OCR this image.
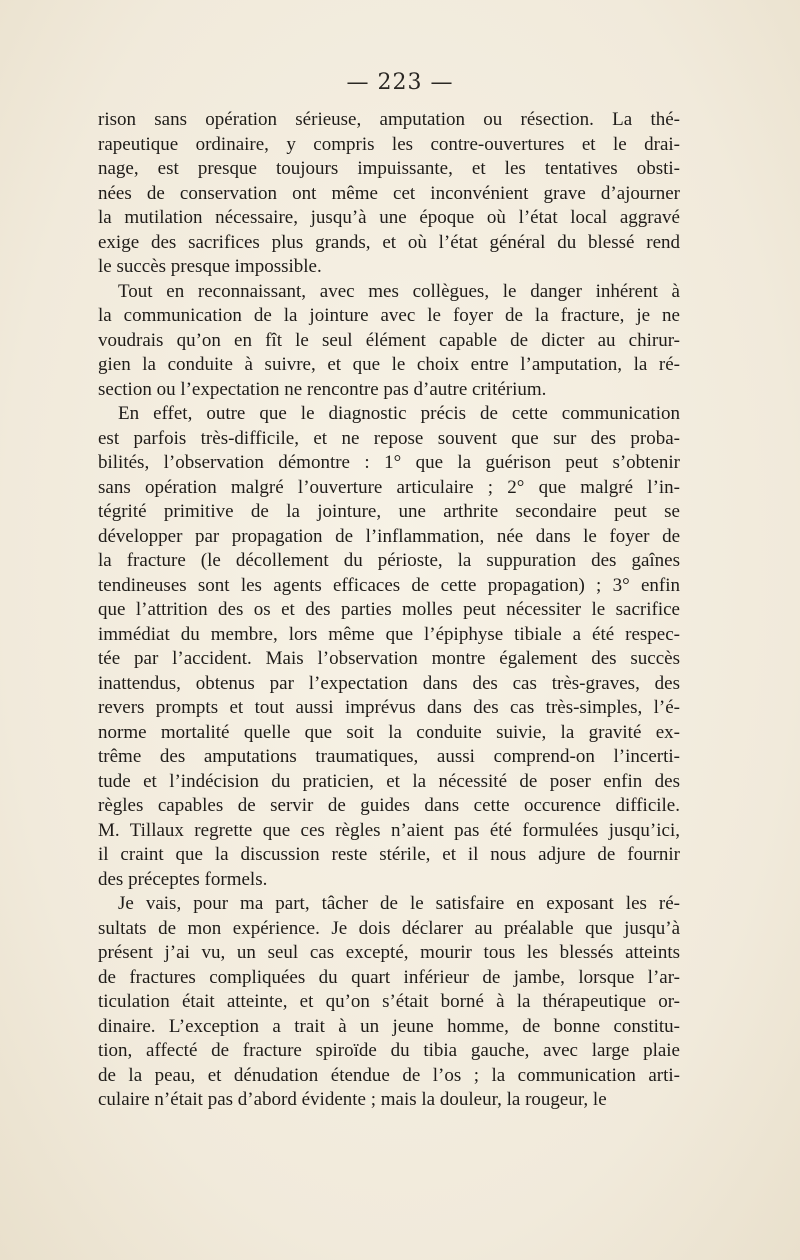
— 223 —
rison sans opération sérieuse, amputation ou résection. La thé-
rapeutique ordinaire, y compris les contre-ouvertures et le drai-
nage, est presque toujours impuissante, et les tentatives obsti-
nées de conservation ont même cet inconvénient grave d’ajourner
la mutilation nécessaire, jusqu’à une époque où l’état local aggravé
exige des sacrifices plus grands, et où l’état général du blessé rend
le succès presque impossible.
Tout en reconnaissant, avec mes collègues, le danger inhérent à
la communication de la jointure avec le foyer de la fracture, je ne
voudrais qu’on en fît le seul élément capable de dicter au chirur-
gien la conduite à suivre, et que le choix entre l’amputation, la ré-
section ou l’expectation ne rencontre pas d’autre critérium.
En effet, outre que le diagnostic précis de cette communication
est parfois très-difficile, et ne repose souvent que sur des proba-
bilités, l’observation démontre : 1° que la guérison peut s’obtenir
sans opération malgré l’ouverture articulaire ; 2° que malgré l’in-
tégrité primitive de la jointure, une arthrite secondaire peut se
développer par propagation de l’inflammation, née dans le foyer de
la fracture (le décollement du périoste, la suppuration des gaînes
tendineuses sont les agents efficaces de cette propagation) ; 3° enfin
que l’attrition des os et des parties molles peut nécessiter le sacrifice
immédiat du membre, lors même que l’épiphyse tibiale a été respec-
tée par l’accident. Mais l’observation montre également des succès
inattendus, obtenus par l’expectation dans des cas très-graves, des
revers prompts et tout aussi imprévus dans des cas très-simples, l’é-
norme mortalité quelle que soit la conduite suivie, la gravité ex-
trême des amputations traumatiques, aussi comprend-on l’incerti-
tude et l’indécision du praticien, et la nécessité de poser enfin des
règles capables de servir de guides dans cette occurence difficile.
M. Tillaux regrette que ces règles n’aient pas été formulées jusqu’ici,
il craint que la discussion reste stérile, et il nous adjure de fournir
des préceptes formels.
Je vais, pour ma part, tâcher de le satisfaire en exposant les ré-
sultats de mon expérience. Je dois déclarer au préalable que jusqu’à
présent j’ai vu, un seul cas excepté, mourir tous les blessés atteints
de fractures compliquées du quart inférieur de jambe, lorsque l’ar-
ticulation était atteinte, et qu’on s’était borné à la thérapeutique or-
dinaire. L’exception a trait à un jeune homme, de bonne constitu-
tion, affecté de fracture spiroïde du tibia gauche, avec large plaie
de la peau, et dénudation étendue de l’os ; la communication arti-
culaire n’était pas d’abord évidente ; mais la douleur, la rougeur, le
